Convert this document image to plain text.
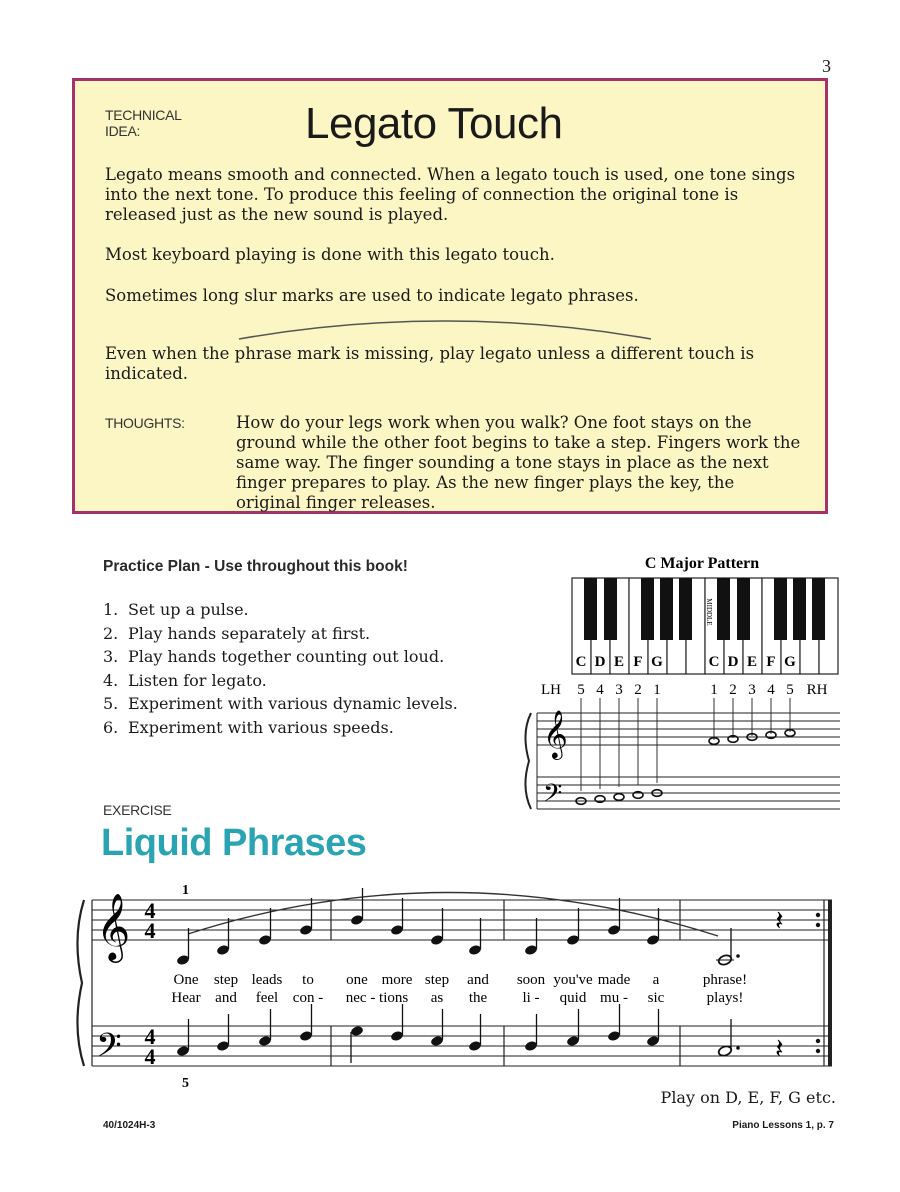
3
TECHNICAL IDEA:	Legato Touch
Legato means smooth and connected. When a legato touch is used, one tone sings into the next tone. To produce this feeling of connection the original tone is released just as the new sound is played.
Most keyboard playing is done with this legato touch.
Sometimes long slur marks are used to indicate legato phrases.
Even when the phrase mark is missing, play legato unless a different touch is indicated.
THOUGHTS:	How do your legs work when you walk? One foot stays on the ground while the other foot begins to take a step. Fingers work the same way. The finger sounding a tone stays in place as the next finger prepares to play. As the new finger plays the key, the original finger releases.
Practice Plan - Use throughout this book!
1. Set up a pulse.
2. Play hands separately at first.
3. Play hands together counting out loud.
4. Listen for legato.
5. Experiment with various dynamic levels.
6. Experiment with various speeds.
C Major Pattern
MIDDLE
C D E F G	C D E F G
LH 5 4 3 2 1	1 2 3 4 5 RH
𝄞
𝄢
EXERCISE
Liquid Phrases
𝄞
𝄢
4
4
4
4
1
5
𝄽
𝄽
One step leads to one more step and soon you've made a	phrase!
Hear and feel con - nec - tions as the li - quid mu - sic	plays!
Play on D, E, F, G etc.
40/1024H-3	Piano Lessons 1, p. 7
